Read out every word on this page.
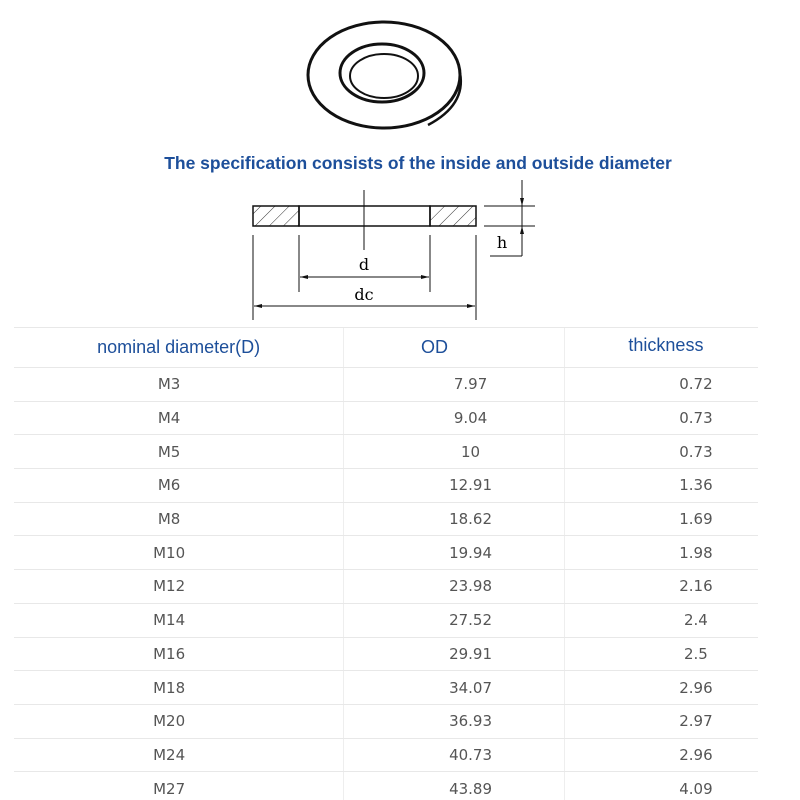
The specification consists of the inside and outside diameter
d
dc
h
nominal diameter(D)	OD	thickness
M3	7.97	0.72
M4	9.04	0.73
M5	10	0.73
M6	12.91	1.36
M8	18.62	1.69
M10	19.94	1.98
M12	23.98	2.16
M14	27.52	2.4
M16	29.91	2.5
M18	34.07	2.96
M20	36.93	2.97
M24	40.73	2.96
M27	43.89	4.09
